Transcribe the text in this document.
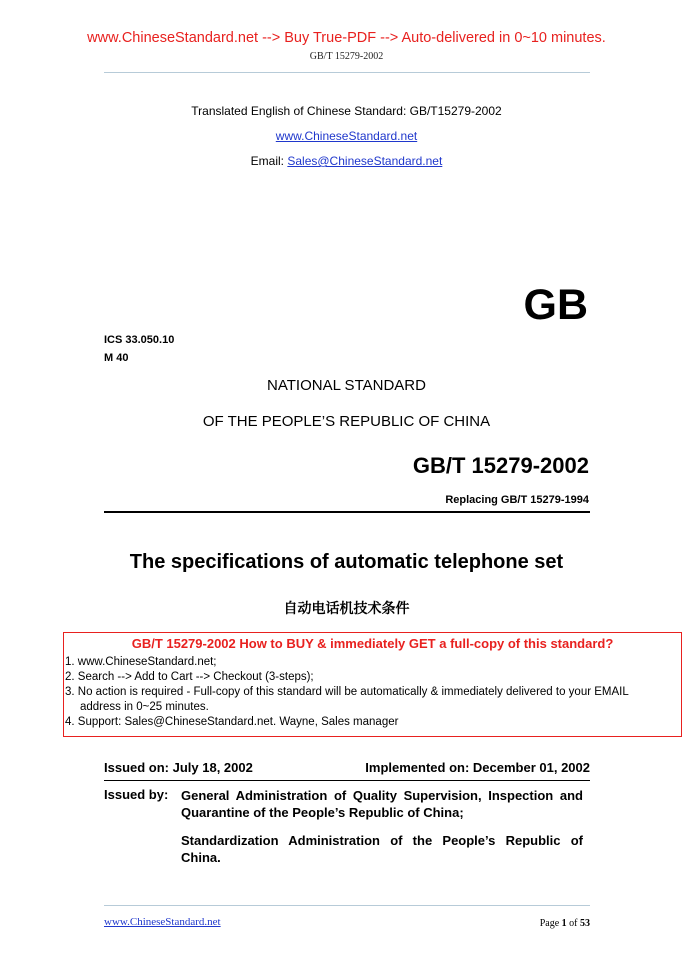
www.ChineseStandard.net --> Buy True-PDF --> Auto-delivered in 0~10 minutes.
GB/T 15279-2002
Translated English of Chinese Standard: GB/T15279-2002
www.ChineseStandard.net
Email: Sales@ChineseStandard.net
GB
ICS 33.050.10
M 40
NATIONAL STANDARD
OF THE PEOPLE’S REPUBLIC OF CHINA
GB/T 15279-2002
Replacing GB/T 15279-1994
The specifications of automatic telephone set
自动电话机技术条件
GB/T 15279-2002 How to BUY & immediately GET a full-copy of this standard?
1. www.ChineseStandard.net;
2. Search --> Add to Cart --> Checkout (3-steps);
3. No action is required - Full-copy of this standard will be automatically & immediately delivered to your EMAIL address in 0~25 minutes.
4. Support: Sales@ChineseStandard.net. Wayne, Sales manager
Issued on: July 18, 2002	Implemented on: December 01, 2002
Issued by: General Administration of Quality Supervision, Inspection and Quarantine of the People’s Republic of China;
Standardization Administration of the People’s Republic of China.
www.ChineseStandard.net	Page 1 of 53
